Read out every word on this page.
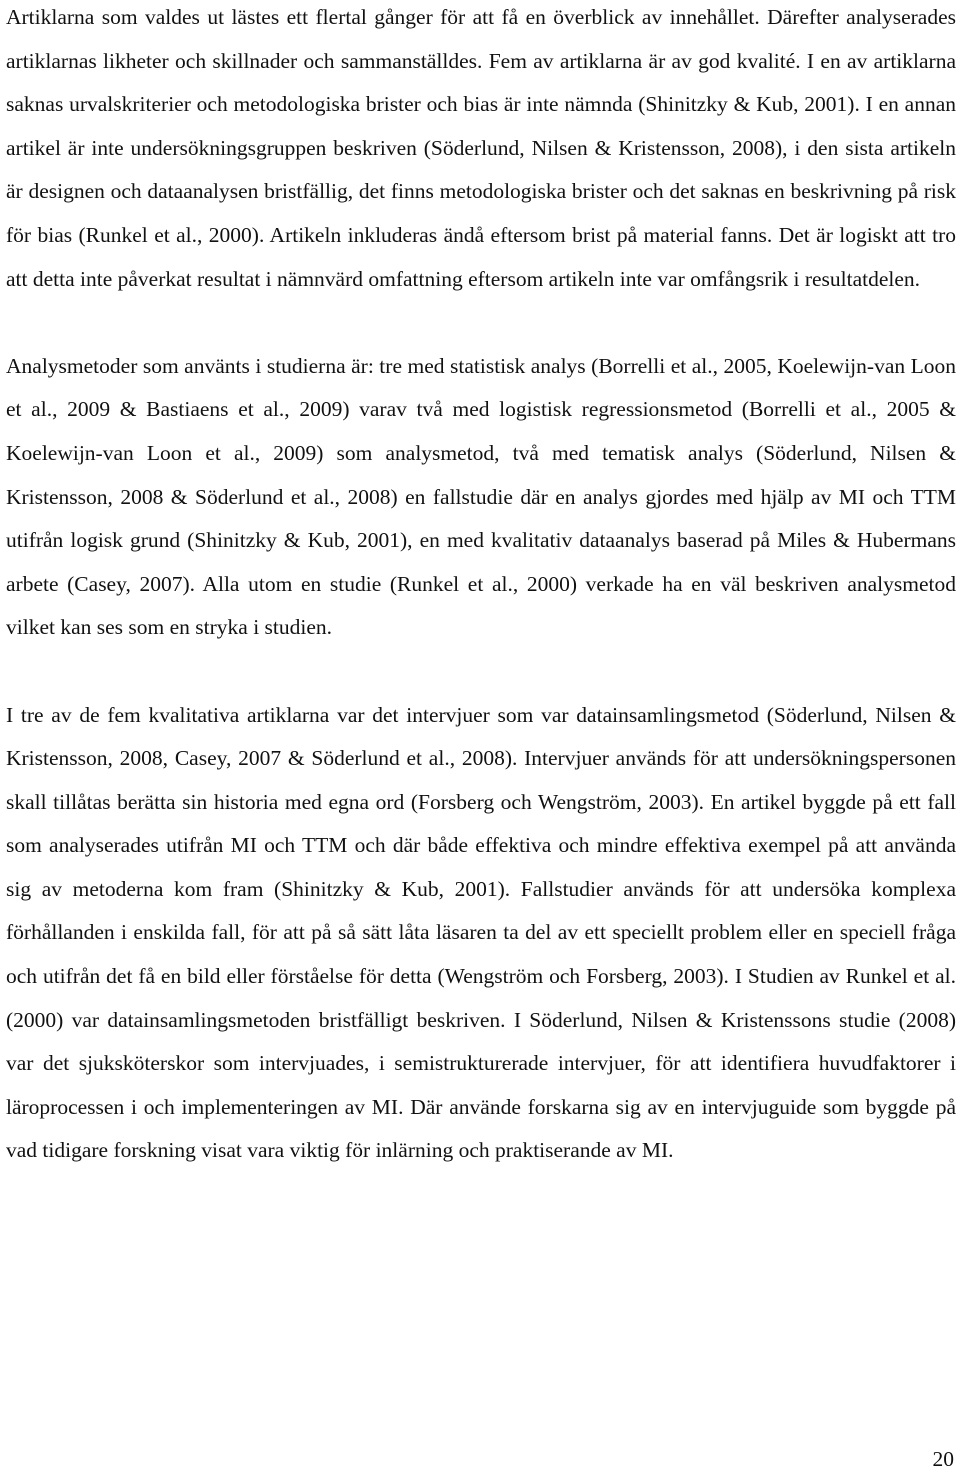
Artiklarna som valdes ut lästes ett flertal gånger för att få en överblick av innehållet. Därefter analyserades artiklarnas likheter och skillnader och sammanställdes. Fem av artiklarna är av god kvalité. I en av artiklarna saknas urvalskriterier och metodologiska brister och bias är inte nämnda (Shinitzky & Kub, 2001). I en annan artikel är inte undersökningsgruppen beskriven (Söderlund, Nilsen & Kristensson, 2008), i den sista artikeln är designen och dataanalysen bristfällig, det finns metodologiska brister och det saknas en beskrivning på risk för bias (Runkel et al., 2000). Artikeln inkluderas ändå eftersom brist på material fanns. Det är logiskt att tro att detta inte påverkat resultat i nämnvärd omfattning eftersom artikeln inte var omfångsrik i resultatdelen.

Analysmetoder som använts i studierna är: tre med statistisk analys (Borrelli et al., 2005, Koelewijn-van Loon et al., 2009 & Bastiaens et al., 2009) varav två med logistisk regressionsmetod (Borrelli et al., 2005 & Koelewijn-van Loon et al., 2009) som analysmetod, två med tematisk analys (Söderlund, Nilsen & Kristensson, 2008 & Söderlund et al., 2008) en fallstudie där en analys gjordes med hjälp av MI och TTM utifrån logisk grund (Shinitzky & Kub, 2001), en med kvalitativ dataanalys baserad på Miles & Hubermans arbete (Casey, 2007). Alla utom en studie (Runkel et al., 2000) verkade ha en väl beskriven analysmetod vilket kan ses som en stryka i studien.

I tre av de fem kvalitativa artiklarna var det intervjuer som var datainsamlingsmetod (Söderlund, Nilsen & Kristensson, 2008, Casey, 2007 & Söderlund et al., 2008). Intervjuer används för att undersökningspersonen skall tillåtas berätta sin historia med egna ord (Forsberg och Wengström, 2003). En artikel byggde på ett fall som analyserades utifrån MI och TTM och där både effektiva och mindre effektiva exempel på att använda sig av metoderna kom fram (Shinitzky & Kub, 2001). Fallstudier används för att undersöka komplexa förhållanden i enskilda fall, för att på så sätt låta läsaren ta del av ett speciellt problem eller en speciell fråga och utifrån det få en bild eller förståelse för detta (Wengström och Forsberg, 2003). I Studien av Runkel et al. (2000) var datainsamlingsmetoden bristfälligt beskriven. I Söderlund, Nilsen & Kristenssons studie (2008) var det sjuksköterskor som intervjuades, i semistrukturerade intervjuer, för att identifiera huvudfaktorer i läroprocessen i och implementeringen av MI. Där använde forskarna sig av en intervjuguide som byggde på vad tidigare forskning visat vara viktig för inlärning och praktiserande av MI.

20
